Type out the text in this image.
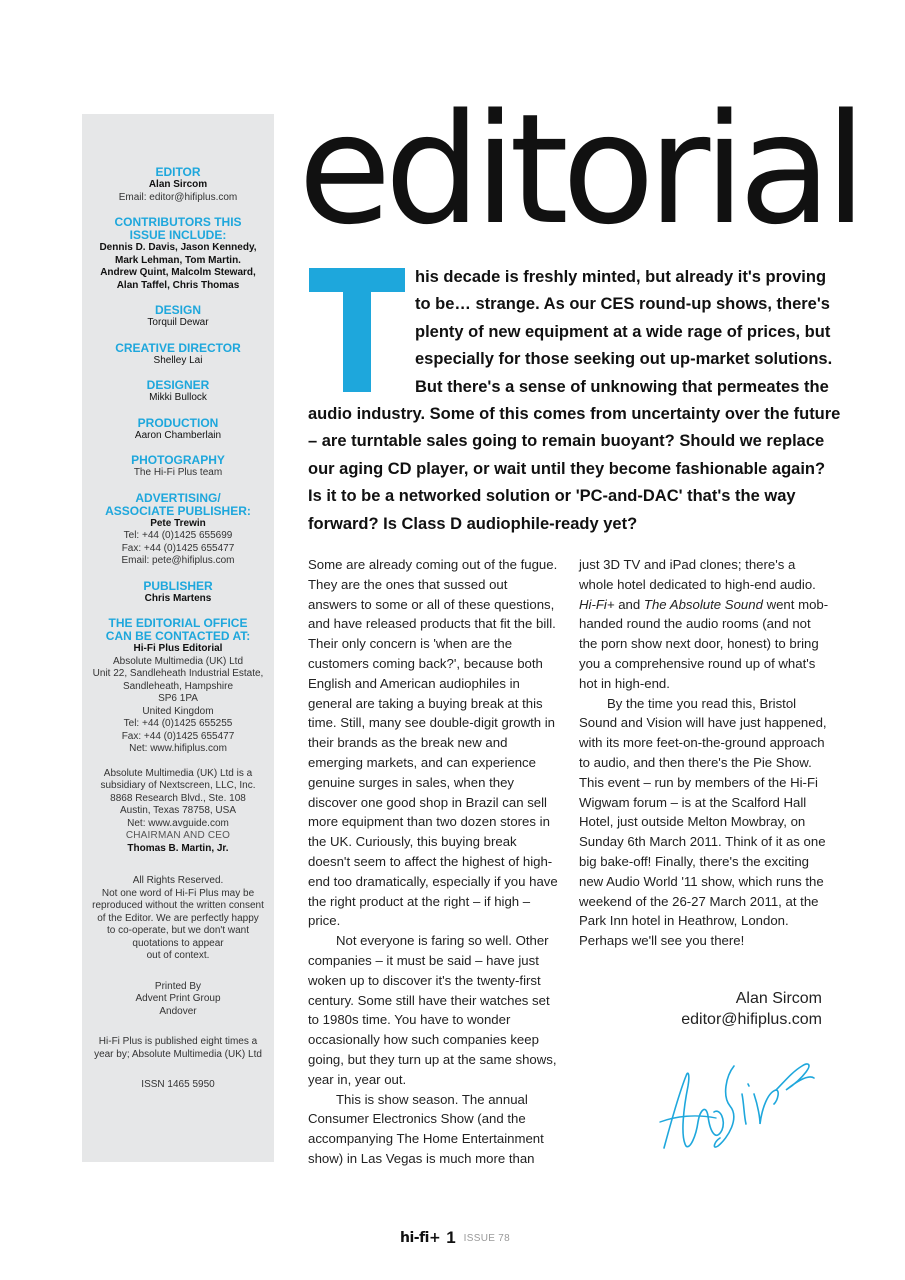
EDITOR
Alan Sircom
Email: editor@hifiplus.com
CONTRIBUTORS THIS
ISSUE INCLUDE:
Dennis D. Davis, Jason Kennedy,
Mark Lehman, Tom Martin.
Andrew Quint, Malcolm Steward,
Alan Taffel, Chris Thomas
DESIGN
Torquil Dewar
CREATIVE DIRECTOR
Shelley Lai
DESIGNER
Mikki Bullock
PRODUCTION
Aaron Chamberlain
PHOTOGRAPHY
The Hi-Fi Plus team
ADVERTISING/
ASSOCIATE PUBLISHER:
Pete Trewin
Tel: +44 (0)1425 655699
Fax: +44 (0)1425 655477
Email: pete@hifiplus.com
PUBLISHER
Chris Martens
THE EDITORIAL OFFICE
CAN BE CONTACTED AT:
Hi-Fi Plus Editorial
Absolute Multimedia (UK) Ltd
Unit 22, Sandleheath Industrial Estate,
Sandleheath, Hampshire
SP6 1PA
United Kingdom
Tel: +44 (0)1425 655255
Fax: +44 (0)1425 655477
Net: www.hifiplus.com
Absolute Multimedia (UK) Ltd is a
subsidiary of Nextscreen, LLC, Inc.
8868 Research Blvd., Ste. 108
Austin, Texas 78758, USA
Net: www.avguide.com
CHAIRMAN AND CEO
Thomas B. Martin, Jr.
All Rights Reserved.
Not one word of Hi-Fi Plus may be
reproduced without the written consent
of the Editor. We are perfectly happy
to co-operate, but we don't want
quotations to appear
out of context.
Printed By
Advent Print Group
Andover
Hi-Fi Plus is published eight times a
year by; Absolute Multimedia (UK) Ltd
ISSN 1465 5950
editorial
his decade is freshly minted, but already it's proving
to be… strange. As our CES round-up shows, there's
plenty of new equipment at a wide rage of prices, but
especially for those seeking out up-market solutions.
But there's a sense of unknowing that permeates the
audio industry. Some of this comes from uncertainty over the future
– are turntable sales going to remain buoyant? Should we replace
our aging CD player, or wait until they become fashionable again?
Is it to be a networked solution or 'PC-and-DAC' that's the way
forward? Is Class D audiophile-ready yet?

Some are already coming out of the fugue. They are the ones that sussed out answers to some or all of these questions, and have released products that fit the bill. Their only concern is 'when are the customers coming back?', because both English and American audiophiles in general are taking a buying break at this time. Still, many see double-digit growth in their brands as the break new and emerging markets, and can experience genuine surges in sales, when they discover one good shop in Brazil can sell more equipment than two dozen stores in the UK. Curiously, this buying break doesn't seem to affect the highest of high-end too dramatically, especially if you have the right product at the right – if high – price.

Not everyone is faring so well. Other companies – it must be said – have just woken up to discover it's the twenty-first century. Some still have their watches set to 1980s time. You have to wonder occasionally how such companies keep going, but they turn up at the same shows, year in, year out.

This is show season. The annual Consumer Electronics Show (and the accompanying The Home Entertainment show) in Las Vegas is much more than

just 3D TV and iPad clones; there's a whole hotel dedicated to high-end audio. Hi-Fi+ and The Absolute Sound went mob-handed round the audio rooms (and not the porn show next door, honest) to bring you a comprehensive round up of what's hot in high-end.

By the time you read this, Bristol Sound and Vision will have just happened, with its more feet-on-the-ground approach to audio, and then there's the Pie Show. This event – run by members of the Hi-Fi Wigwam forum – is at the Scalford Hall Hotel, just outside Melton Mowbray, on Sunday 6th March 2011. Think of it as one big bake-off! Finally, there's the exciting new Audio World '11 show, which runs the weekend of the 26-27 March 2011, at the Park Inn hotel in Heathrow, London. Perhaps we'll see you there!

Alan Sircom
editor@hifiplus.com
hi-fi+ 1 ISSUE 78
